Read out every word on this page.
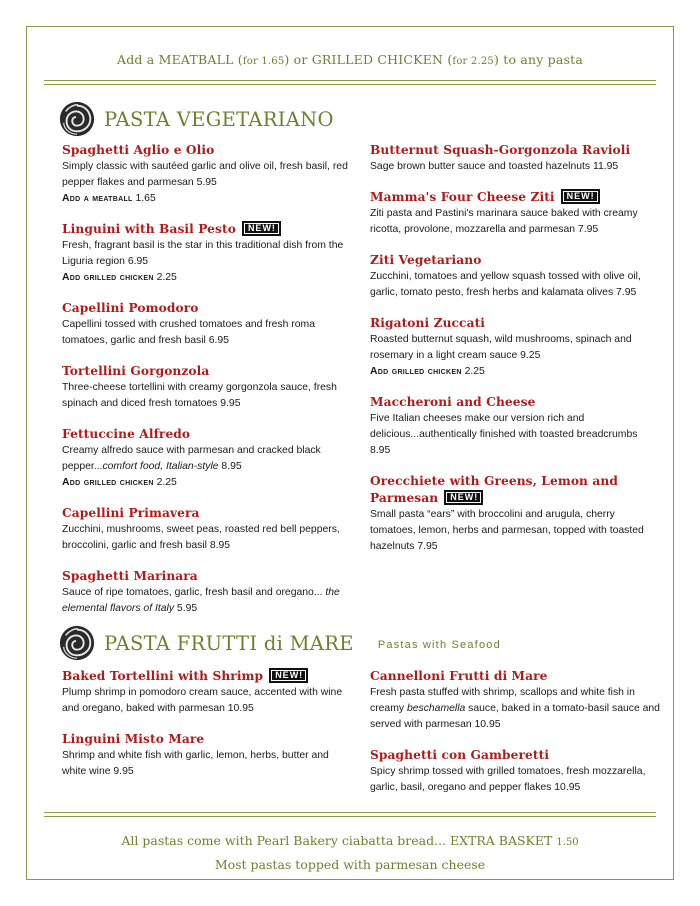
Add a MEATBALL (for 1.65) or GRILLED CHICKEN (for 2.25) to any pasta
PASTA VEGETARIANO
Spaghetti Aglio e Olio
Simply classic with sautéed garlic and olive oil, fresh basil, red pepper flakes and parmesan 5.95
Add a meatball 1.65
Linguini with Basil Pesto NEW!
Fresh, fragrant basil is the star in this traditional dish from the Liguria region 6.95
Add grilled chicken 2.25
Capellini Pomodoro
Capellini tossed with crushed tomatoes and fresh roma tomatoes, garlic and fresh basil 6.95
Tortellini Gorgonzola
Three-cheese tortellini with creamy gorgonzola sauce, fresh spinach and diced fresh tomatoes 9.95
Fettuccine Alfredo
Creamy alfredo sauce with parmesan and cracked black pepper...comfort food, Italian-style 8.95
Add grilled chicken 2.25
Capellini Primavera
Zucchini, mushrooms, sweet peas, roasted red bell peppers, broccolini, garlic and fresh basil 8.95
Spaghetti Marinara
Sauce of ripe tomatoes, garlic, fresh basil and oregano... the elemental flavors of Italy 5.95
Butternut Squash-Gorgonzola Ravioli
Sage brown butter sauce and toasted hazelnuts 11.95
Mamma's Four Cheese Ziti NEW!
Ziti pasta and Pastini's marinara sauce baked with creamy ricotta, provolone, mozzarella and parmesan 7.95
Ziti Vegetariano
Zucchini, tomatoes and yellow squash tossed with olive oil, garlic, tomato pesto, fresh herbs and kalamata olives 7.95
Rigatoni Zuccati
Roasted butternut squash, wild mushrooms, spinach and rosemary in a light cream sauce 9.25
Add grilled chicken 2.25
Maccheroni and Cheese
Five Italian cheeses make our version rich and delicious...authentically finished with toasted breadcrumbs 8.95
Orecchiete with Greens, Lemon and Parmesan NEW!
Small pasta “ears” with broccolini and arugula, cherry tomatoes, lemon, herbs and parmesan, topped with toasted hazelnuts 7.95
PASTA FRUTTI di MARE Pastas with Seafood
Baked Tortellini with Shrimp NEW!
Plump shrimp in pomodoro cream sauce, accented with wine and oregano, baked with parmesan 10.95
Linguini Misto Mare
Shrimp and white fish with garlic, lemon, herbs, butter and white wine 9.95
Cannelloni Frutti di Mare
Fresh pasta stuffed with shrimp, scallops and white fish in creamy beschamella sauce, baked in a tomato-basil sauce and served with parmesan 10.95
Spaghetti con Gamberetti
Spicy shrimp tossed with grilled tomatoes, fresh mozzarella, garlic, basil, oregano and pepper flakes 10.95
All pastas come with Pearl Bakery ciabatta bread... EXTRA BASKET 1.50
Most pastas topped with parmesan cheese
